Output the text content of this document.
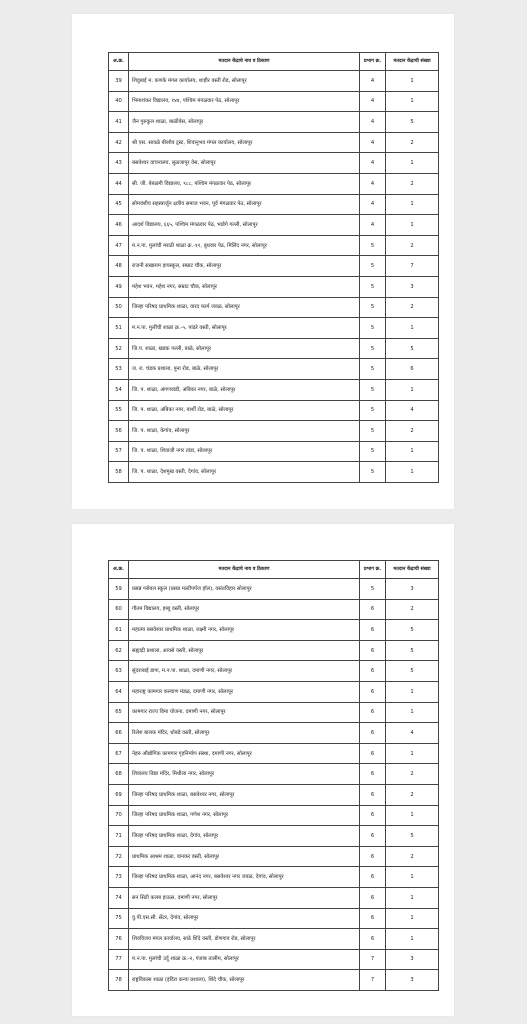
अ.क्र.	मतदान केंद्राचे नाव व ठिकाण	प्रभाग क्र.	मतदान केंद्राची संख्या
39	शिवुबाई म. कणके मंगल कार्यालय, शाहीर वस्ती रोड, सोलापूर	4	1
40	भिमाशंकर विद्यालय, १४४, पश्चिम मंगळवार पेठ, सोलापूर	4	1
41	जैन गुरुकुल शाळा, बाळीवेस, सोलापूर	4	5
42	श्री एस. सावळे बीरशैव ट्रस्ट, शिवानुभव मंगल कार्यालय, सोलापूर	4	2
43	बसवेश्वर वाचनालय, लुळजापूर वेस, सोलापूर	4	1
44	सी. जी. बेबळगी विद्यालय, ९८८, पश्चिम मंगळवार पेठ, सोलापूर	4	2
45	सोमवंशीय सहस्त्रार्जुन क्षत्रीय समाज भवन, पूर्व मंगळवार पेठ, सोलापूर	4	1
46	आदर्श विद्यालय, ६६५, पश्चिम मंगळवार पेठ, भाडेगे गल्ली, सोलापूर	4	1
47	म.न.पा. मुलांची मराठी शाळा क्र.-११, बुधवार पेठ, मिलिंद नगर, सोलापूर	5	2
48	राजनी सखाराम हायस्कूल, सम्राट चौक, सोलापूर	5	7
49	महेश भवन, महेश नगर, सम्राट चौक, सोलापूर	5	3
50	जिल्हा परिषद प्राथमिक शाळा, वारद फार्म जवळ, सोलापूर	5	2
51	म.न.पा. मुलींची शाळा क्र.-५, पांढरे वस्ती, सोलापूर	5	1
52	जि.प. शाळा, खडक गल्ली, बाळे, सोलापूर	5	5
53	ज. रा. चंडक प्रशाला, पुना रोड, बाळे, सोलापूर	5	6
54	जि. प. शाळा, अंगणवाडी, अंबिका नगर, बाळे, सोलापूर	5	1
55	जि. प. शाळा, अंबिका नगर, बार्शी रोड, बाळे, सोलापूर	5	4
56	जि. प. शाळा, केगांव, सोलापूर	5	2
57	जि. प. शाळा, शिवाजी नगर तांडा, सोलापूर	5	1
58	जि. प. शाळा, देशमुख वस्ती, देगांव, सोलापूर	5	1
अ.क्र.	मतदान केंद्राचे नाव व ठिकाण	प्रभाग क्र.	मतदान केंद्राची संख्या
59	प्रसन्न ग्लोबल स्कूल (प्रसन्न मल्टीपर्पज हॉल), वसंतविहार सोलापूर	5	3
60	गौतम विद्यालय, हब्बू वस्ती, सोलापूर	6	2
61	महात्मा बसवेश्वर प्राथमिक शाळा, लक्ष्मी नगर, सोलापूर	6	5
62	सह्याद्री प्रशाला, आवसे वस्ती, सोलापूर	6	5
63	सुंदराबाई डागा, म.न.पा. शाळा, दमाणी नगर, सोलापूर	6	5
64	महाराष्ट्र कामगार कल्याण मंडळ, दमाणी नगर, सोलापूर	6	1
65	कामगार राज्य विमा योजना, दमाणी नगर, सोलापूर	6	1
66	रिलेश बालक मंदिर, धोबडे वस्ती, सोलापूर	6	4
67	नेहरु औद्योगिक कामगार गृहनिर्माण संस्था, दमाणी नगर, सोलापूर	6	1
68	शिवालय विद्या मंदिर, मिथीला नगर, सोलापूर	6	2
69	जिल्हा परिषद प्राथमिक शाळा, बसवेश्वर नगर, सोलापूर	6	2
70	जिल्हा परिषद प्राथमिक शाळा, गणेश नगर, सोलापूर	6	1
71	जिल्हा परिषद प्राथमिक शाळा, देगांव, सोलापूर	6	5
72	प्राथमिक आश्रम शाळा, वानकर वस्ती, सोलापूर	6	2
73	जिल्हा परिषद प्राथमिक शाळा, आनंद नगर, बसवेश्वर नगर जवळ, देगांव, सोलापूर	6	1
74	सन सिटी कलब हाऊस, दमाणी नगर, सोलापूर	6	1
75	यु.पी.एस.सी. सेंटर, देगांव, सोलापूर	6	1
76	शिवविजय मंगल कार्यालय, साठे शिंदे वस्ती, डोणगाव रोड, सोलापूर	6	1
77	म.न.पा. मुलांची उर्दू शाळा क्र.-२, पंजाब तालीम, सोलापूर	7	3
78	राष्ट्रविकास शाळा (इंदिरा कन्या प्रशाला), शिंदे चौक, सोलापूर	7	3
